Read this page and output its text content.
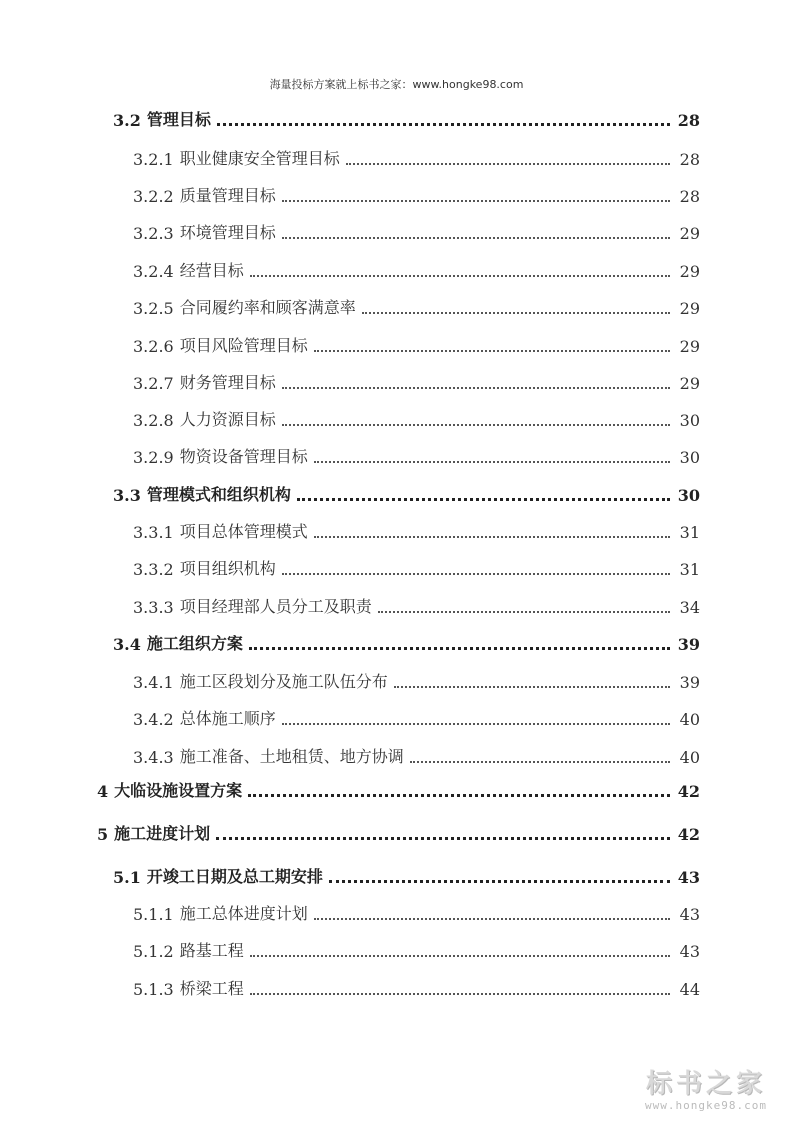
海量投标方案就上标书之家：www.hongke98.com
3.2 管理目标	28
3.2.1 职业健康安全管理目标	28
3.2.2 质量管理目标	28
3.2.3 环境管理目标	29
3.2.4 经营目标	29
3.2.5 合同履约率和顾客满意率	29
3.2.6 项目风险管理目标	29
3.2.7 财务管理目标	29
3.2.8 人力资源目标	30
3.2.9 物资设备管理目标	30
3.3 管理模式和组织机构	30
3.3.1 项目总体管理模式	31
3.3.2 项目组织机构	31
3.3.3 项目经理部人员分工及职责	34
3.4 施工组织方案	39
3.4.1 施工区段划分及施工队伍分布	39
3.4.2 总体施工顺序	40
3.4.3 施工准备、土地租赁、地方协调	40
4 大临设施设置方案	42
5 施工进度计划	42
5.1 开竣工日期及总工期安排	43
5.1.1 施工总体进度计划	43
5.1.2 路基工程	43
5.1.3 桥梁工程	44
标书之家
www.hongke98.com
